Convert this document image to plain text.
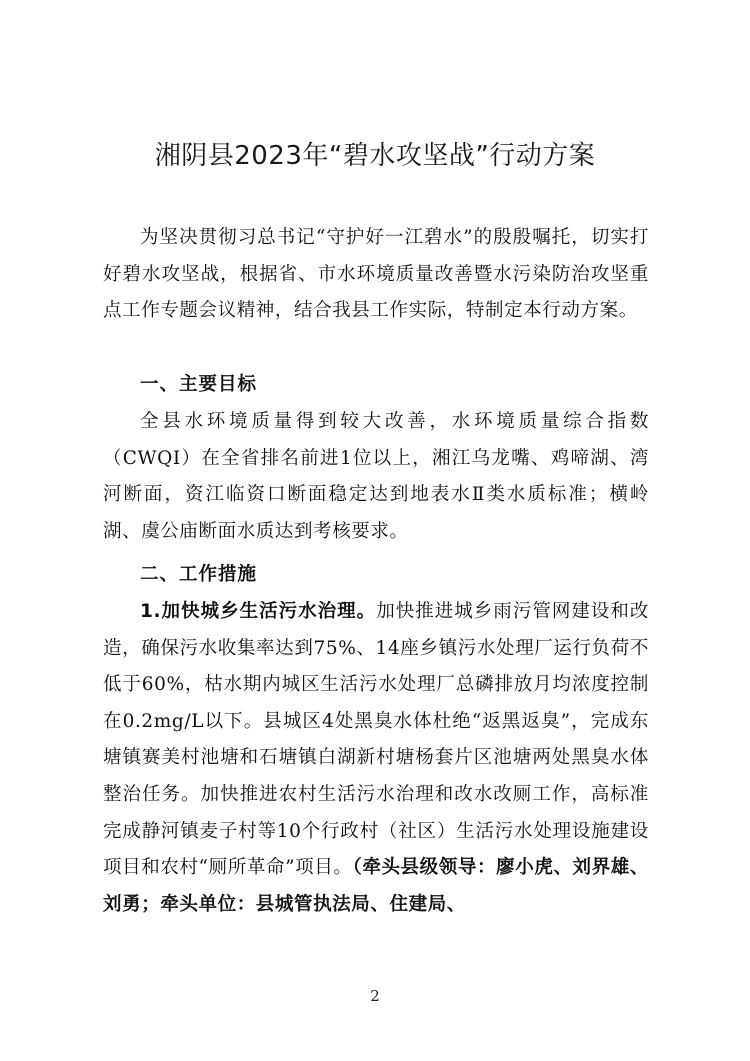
湘阴县2023年“碧水攻坚战”行动方案

为坚决贯彻习总书记“守护好一江碧水”的殷殷嘱托，切实打好碧水攻坚战，根据省、市水环境质量改善暨水污染防治攻坚重点工作专题会议精神，结合我县工作实际，特制定本行动方案。

一、主要目标

全县水环境质量得到较大改善，水环境质量综合指数（CWQI）在全省排名前进1位以上，湘江乌龙嘴、鸡啼湖、湾河断面，资江临资口断面稳定达到地表水Ⅱ类水质标准；横岭湖、虞公庙断面水质达到考核要求。

二、工作措施

1.加快城乡生活污水治理。加快推进城乡雨污管网建设和改造，确保污水收集率达到75%、14座乡镇污水处理厂运行负荷不低于60%，枯水期内城区生活污水处理厂总磷排放月均浓度控制在0.2mg/L以下。县城区4处黑臭水体杜绝“返黑返臭”，完成东塘镇赛美村池塘和石塘镇白湖新村塘杨套片区池塘两处黑臭水体整治任务。加快推进农村生活污水治理和改水改厕工作，高标准完成静河镇麦子村等10个行政村（社区）生活污水处理设施建设项目和农村“厕所革命”项目。（牵头县级领导：廖小虎、刘界雄、刘勇；牵头单位：县城管执法局、住建局、

2
